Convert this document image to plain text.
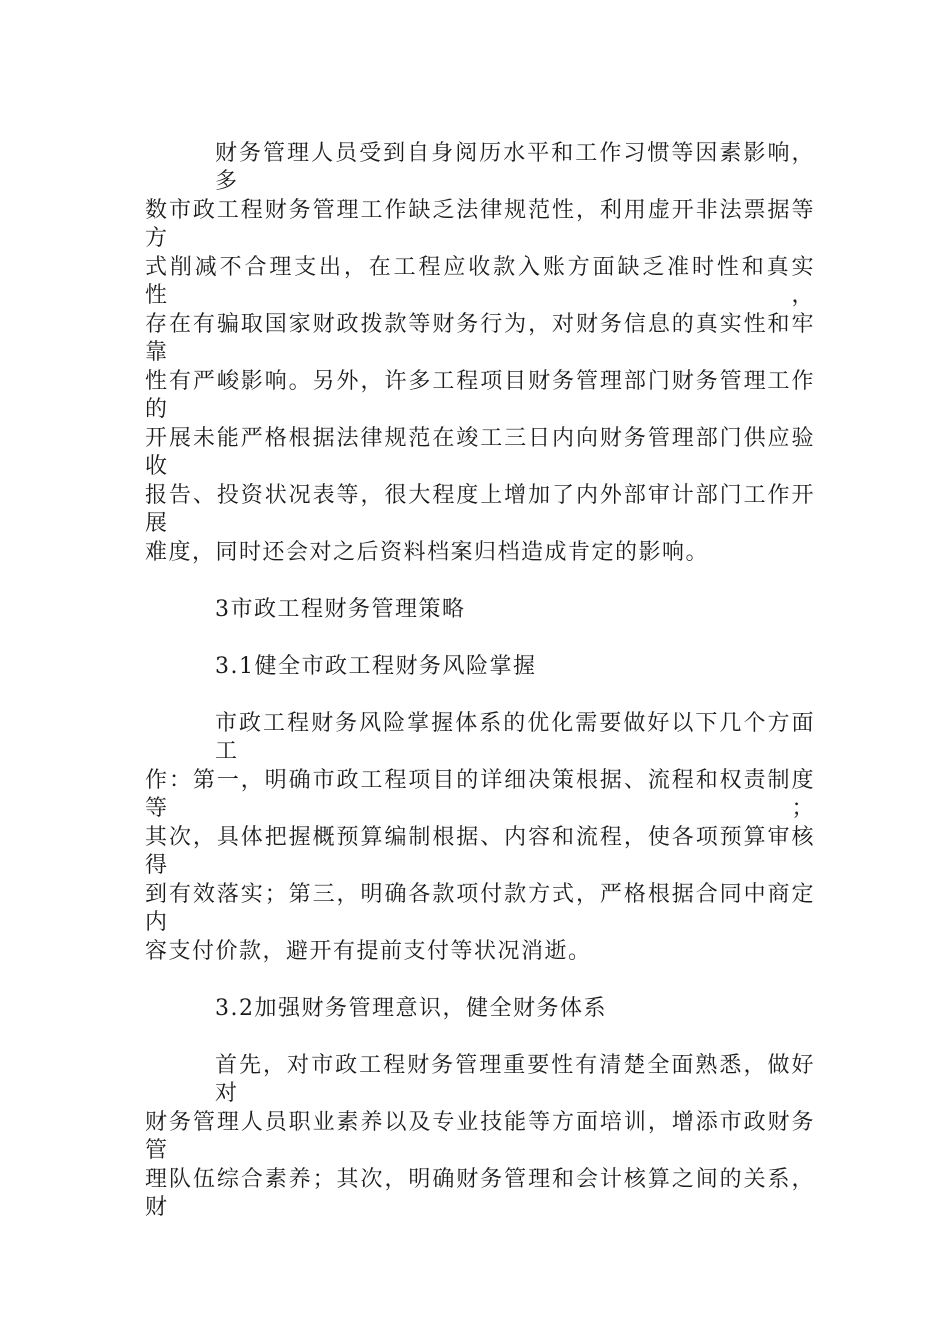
财务管理人员受到自身阅历水平和工作习惯等因素影响，多
数市政工程财务管理工作缺乏法律规范性，利用虚开非法票据等方
式削减不合理支出，在工程应收款入账方面缺乏准时性和真实性，
存在有骗取国家财政拨款等财务行为，对财务信息的真实性和牢靠
性有严峻影响。另外，许多工程项目财务管理部门财务管理工作的
开展未能严格根据法律规范在竣工三日内向财务管理部门供应验收
报告、投资状况表等，很大程度上增加了内外部审计部门工作开展
难度，同时还会对之后资料档案归档造成肯定的影响。
3市政工程财务管理策略
3.1健全市政工程财务风险掌握
市政工程财务风险掌握体系的优化需要做好以下几个方面工
作：第一，明确市政工程项目的详细决策根据、流程和权责制度等；
其次，具体把握概预算编制根据、内容和流程，使各项预算审核得
到有效落实；第三，明确各款项付款方式，严格根据合同中商定内
容支付价款，避开有提前支付等状况消逝。
3.2加强财务管理意识，健全财务体系
首先，对市政工程财务管理重要性有清楚全面熟悉，做好对
财务管理人员职业素养以及专业技能等方面培训，增添市政财务管
理队伍综合素养；其次，明确财务管理和会计核算之间的关系，财
